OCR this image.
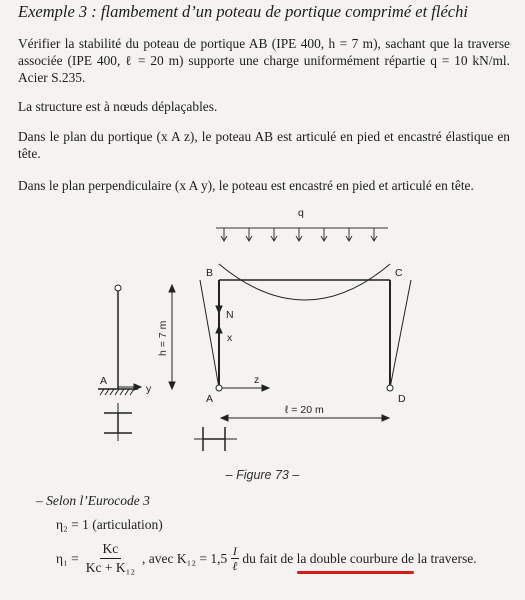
Exemple 3 : flambement d’un poteau de portique comprimé et fléchi
Vérifier la stabilité du poteau de portique AB (IPE 400, h = 7 m), sachant que la traverse associée (IPE 400, ℓ = 20 m) supporte une charge uniformément répartie q = 10 kN/ml. Acier S.235.
La structure est à nœuds déplaçables.
Dans le plan du portique (x A z), le poteau AB est articulé en pied et encastré élastique en tête.
Dans le plan perpendiculaire (x A y), le poteau est encastré en pied et articulé en tête.
q
B	C
A	D
N
x
z
ℓ = 20 m
h = 7 m
A
y
– Figure 73 –
– Selon l’Eurocode 3
η₂ = 1 (articulation)
$\eta_1 = \frac{Kc}{\text{Kc + K₁₂}}$ , avec $K_{12} = 1,5 \frac{I}{\text{ℓ}}$ du fait de
la double courbure de
la traverse.
